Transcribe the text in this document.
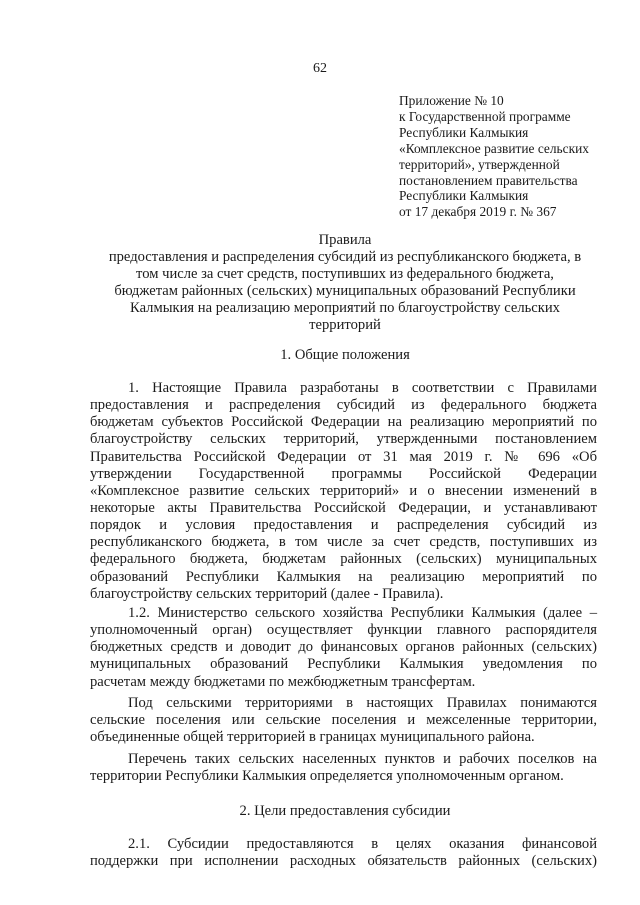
62
Приложение № 10
к Государственной программе
Республики Калмыкия
«Комплексное развитие сельских
территорий», утвержденной
постановлением правительства
Республики Калмыкия
от 17 декабря 2019 г. № 367
Правила
предоставления и распределения субсидий из республиканского бюджета, в
том числе за счет средств, поступивших из федерального бюджета,
бюджетам районных (сельских) муниципальных образований Республики
Калмыкия на реализацию мероприятий по благоустройству сельских
территорий
1. Общие положения
1. Настоящие Правила разработаны в соответствии с Правилами
предоставления и распределения субсидий из федерального бюджета
бюджетам субъектов Российской Федерации на реализацию мероприятий по
благоустройству сельских территорий, утвержденными постановлением
Правительства Российской Федерации от 31 мая 2019 г. № 696 «Об
утверждении Государственной программы Российской Федерации
«Комплексное развитие сельских территорий» и о внесении изменений в
некоторые акты Правительства Российской Федерации, и устанавливают
порядок и условия предоставления и распределения субсидий из
республиканского бюджета, в том числе за счет средств, поступивших из
федерального бюджета, бюджетам районных (сельских) муниципальных
образований Республики Калмыкия на реализацию мероприятий по
благоустройству сельских территорий (далее - Правила).
1.2. Министерство сельского хозяйства Республики Калмыкия (далее –
уполномоченный орган) осуществляет функции главного распорядителя
бюджетных средств и доводит до финансовых органов районных (сельских)
муниципальных образований Республики Калмыкия уведомления по
расчетам между бюджетами по межбюджетным трансфертам.
Под сельскими территориями в настоящих Правилах понимаются
сельские поселения или сельские поселения и межселенные территории,
объединенные общей территорией в границах муниципального района.
Перечень таких сельских населенных пунктов и рабочих поселков на
территории Республики Калмыкия определяется уполномоченным органом.
2. Цели предоставления субсидии
2.1. Субсидии предоставляются в целях оказания финансовой
поддержки при исполнении расходных обязательств районных (сельских)
